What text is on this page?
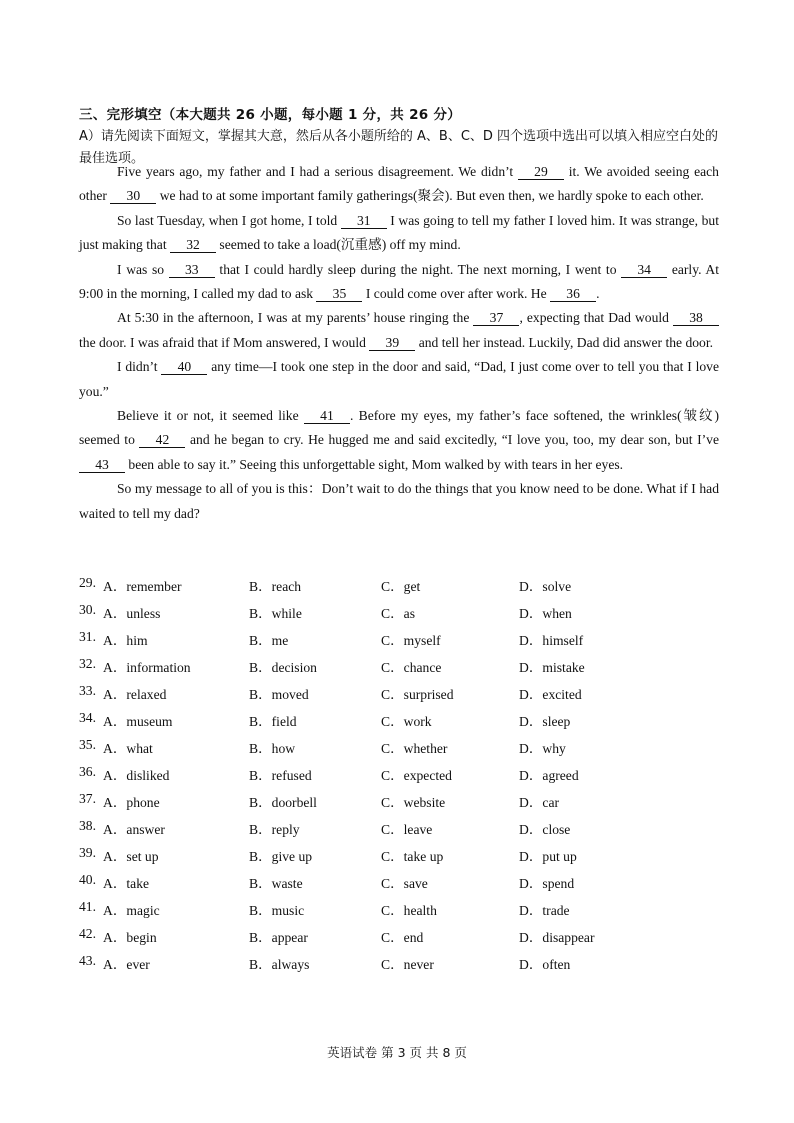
三、完形填空（本大题共 26 小题，每小题 1 分，共 26 分）
A）请先阅读下面短文，掌握其大意，然后从各小题所给的 A、B、C、D 四个选项中选出可以填入相应空白处的最佳选项。

Five years ago, my father and I had a serious disagreement. We didn’t 29 it. We avoided seeing each other 30 we had to at some important family gatherings(聚会). But even then, we hardly spoke to each other.

So last Tuesday, when I got home, I told 31 I was going to tell my father I loved him. It was strange, but just making that 32 seemed to take a load(沉重感) off my mind.

I was so 33 that I could hardly sleep during the night. The next morning, I went to 34 early. At 9:00 in the morning, I called my dad to ask 35 I could come over after work. He 36 .

At 5:30 in the afternoon, I was at my parents’ house ringing the 37 , expecting that Dad would 38 the door. I was afraid that if Mom answered, I would 39 and tell her instead. Luckily, Dad did answer the door.

I didn’t 40 any time—I took one step in the door and said, “Dad, I just come over to tell you that I love you.”

Believe it or not, it seemed like 41 . Before my eyes, my father’s face softened, the wrinkles(皱纹) seemed to 42 and he began to cry. He hugged me and said excitedly, “I love you, too, my dear son, but I’ve 43 been able to say it.” Seeing this unforgettable sight, Mom walked by with tears in her eyes.

So my message to all of you is this：Don’t wait to do the things that you know need to be done. What if I had waited to tell my dad?

29. A．remember	B．reach	C．get	D．solve
30. A．unless	B．while	C．as	D．when
31. A．him	B．me	C．myself	D．himself
32. A．information	B．decision	C．chance	D．mistake
33. A．relaxed	B．moved	C．surprised	D．excited
34. A．museum	B．field	C．work	D．sleep
35. A．what	B．how	C．whether	D．why
36. A．disliked	B．refused	C．expected	D．agreed
37. A．phone	B．doorbell	C．website	D．car
38. A．answer	B．reply	C．leave	D．close
39. A．set up	B．give up	C．take up	D．put up
40. A．take	B．waste	C．save	D．spend
41. A．magic	B．music	C．health	D．trade
42. A．begin	B．appear	C．end	D．disappear
43. A．ever	B．always	C．never	D．often
英语试卷 第 3 页 共 8 页
